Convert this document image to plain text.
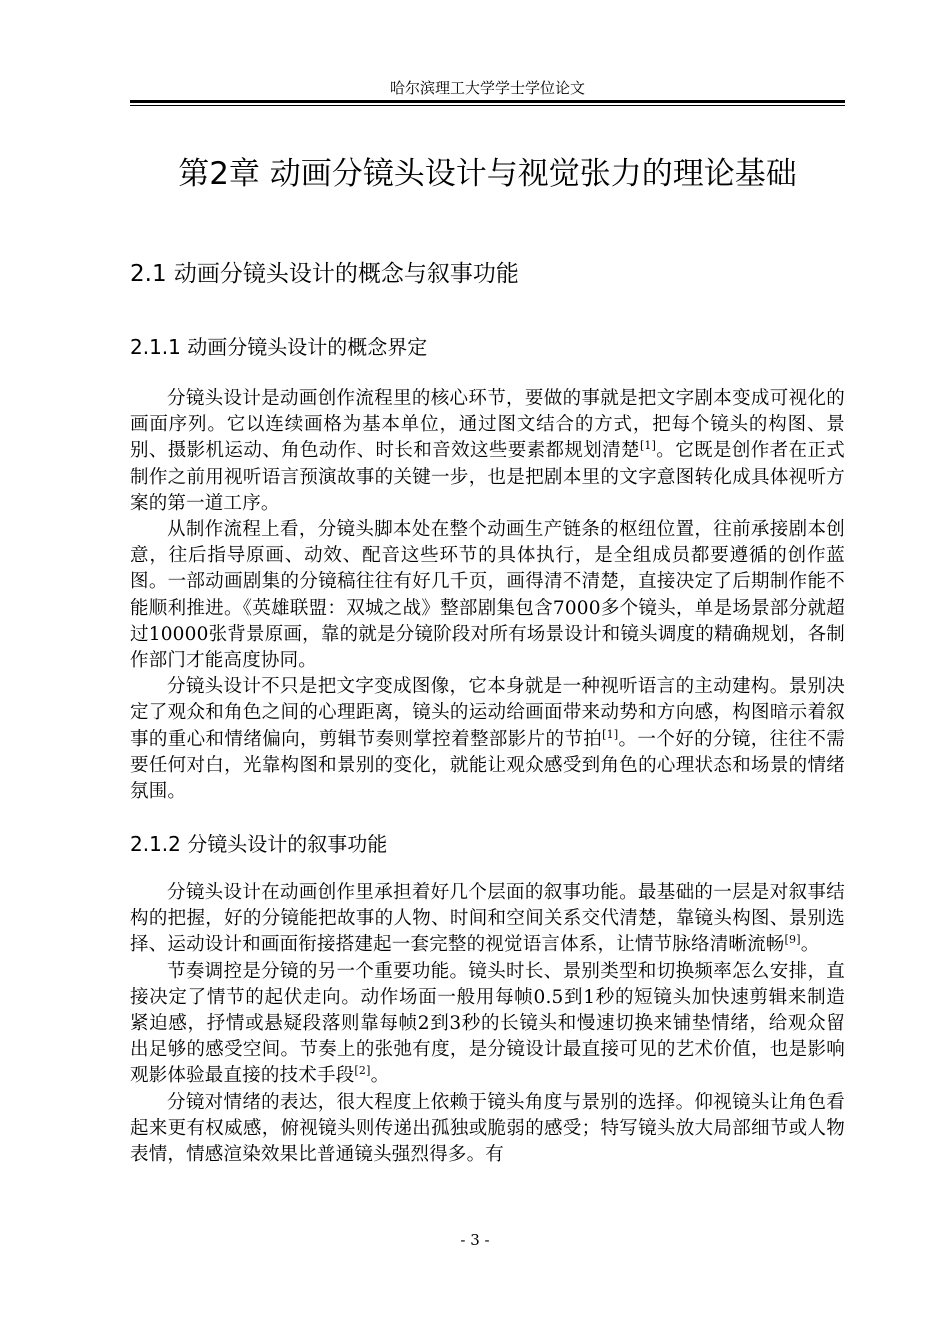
哈尔滨理工大学学士学位论文
第2章 动画分镜头设计与视觉张力的理论基础
2.1 动画分镜头设计的概念与叙事功能
2.1.1 动画分镜头设计的概念界定

分镜头设计是动画创作流程里的核心环节，要做的事就是把文字剧本变成可视化的画面序列。它以连续画格为基本单位，通过图文结合的方式，把每个镜头的构图、景别、摄影机运动、角色动作、时长和音效这些要素都规划清楚[1]。它既是创作者在正式制作之前用视听语言预演故事的关键一步，也是把剧本里的文字意图转化成具体视听方案的第一道工序。

从制作流程上看，分镜头脚本处在整个动画生产链条的枢纽位置，往前承接剧本创意，往后指导原画、动效、配音这些环节的具体执行，是全组成员都要遵循的创作蓝图。一部动画剧集的分镜稿往往有好几千页，画得清不清楚，直接决定了后期制作能不能顺利推进。《英雄联盟：双城之战》整部剧集包含7000多个镜头，单是场景部分就超过10000张背景原画，靠的就是分镜阶段对所有场景设计和镜头调度的精确规划，各制作部门才能高度协同。

分镜头设计不只是把文字变成图像，它本身就是一种视听语言的主动建构。景别决定了观众和角色之间的心理距离，镜头的运动给画面带来动势和方向感，构图暗示着叙事的重心和情绪偏向，剪辑节奏则掌控着整部影片的节拍[1]。一个好的分镜，往往不需要任何对白，光靠构图和景别的变化，就能让观众感受到角色的心理状态和场景的情绪氛围。

2.1.2 分镜头设计的叙事功能

分镜头设计在动画创作里承担着好几个层面的叙事功能。最基础的一层是对叙事结构的把握，好的分镜能把故事的人物、时间和空间关系交代清楚，靠镜头构图、景别选择、运动设计和画面衔接搭建起一套完整的视觉语言体系，让情节脉络清晰流畅[9]。

节奏调控是分镜的另一个重要功能。镜头时长、景别类型和切换频率怎么安排，直接决定了情节的起伏走向。动作场面一般用每帧0.5到1秒的短镜头加快速剪辑来制造紧迫感，抒情或悬疑段落则靠每帧2到3秒的长镜头和慢速切换来铺垫情绪，给观众留出足够的感受空间。节奏上的张弛有度，是分镜设计最直接可见的艺术价值，也是影响观影体验最直接的技术手段[2]。

分镜对情绪的表达，很大程度上依赖于镜头角度与景别的选择。仰视镜头让角色看起来更有权威感，俯视镜头则传递出孤独或脆弱的感受；特写镜头放大局部细节或人物表情，情感渲染效果比普通镜头强烈得多。有

- 3 -
